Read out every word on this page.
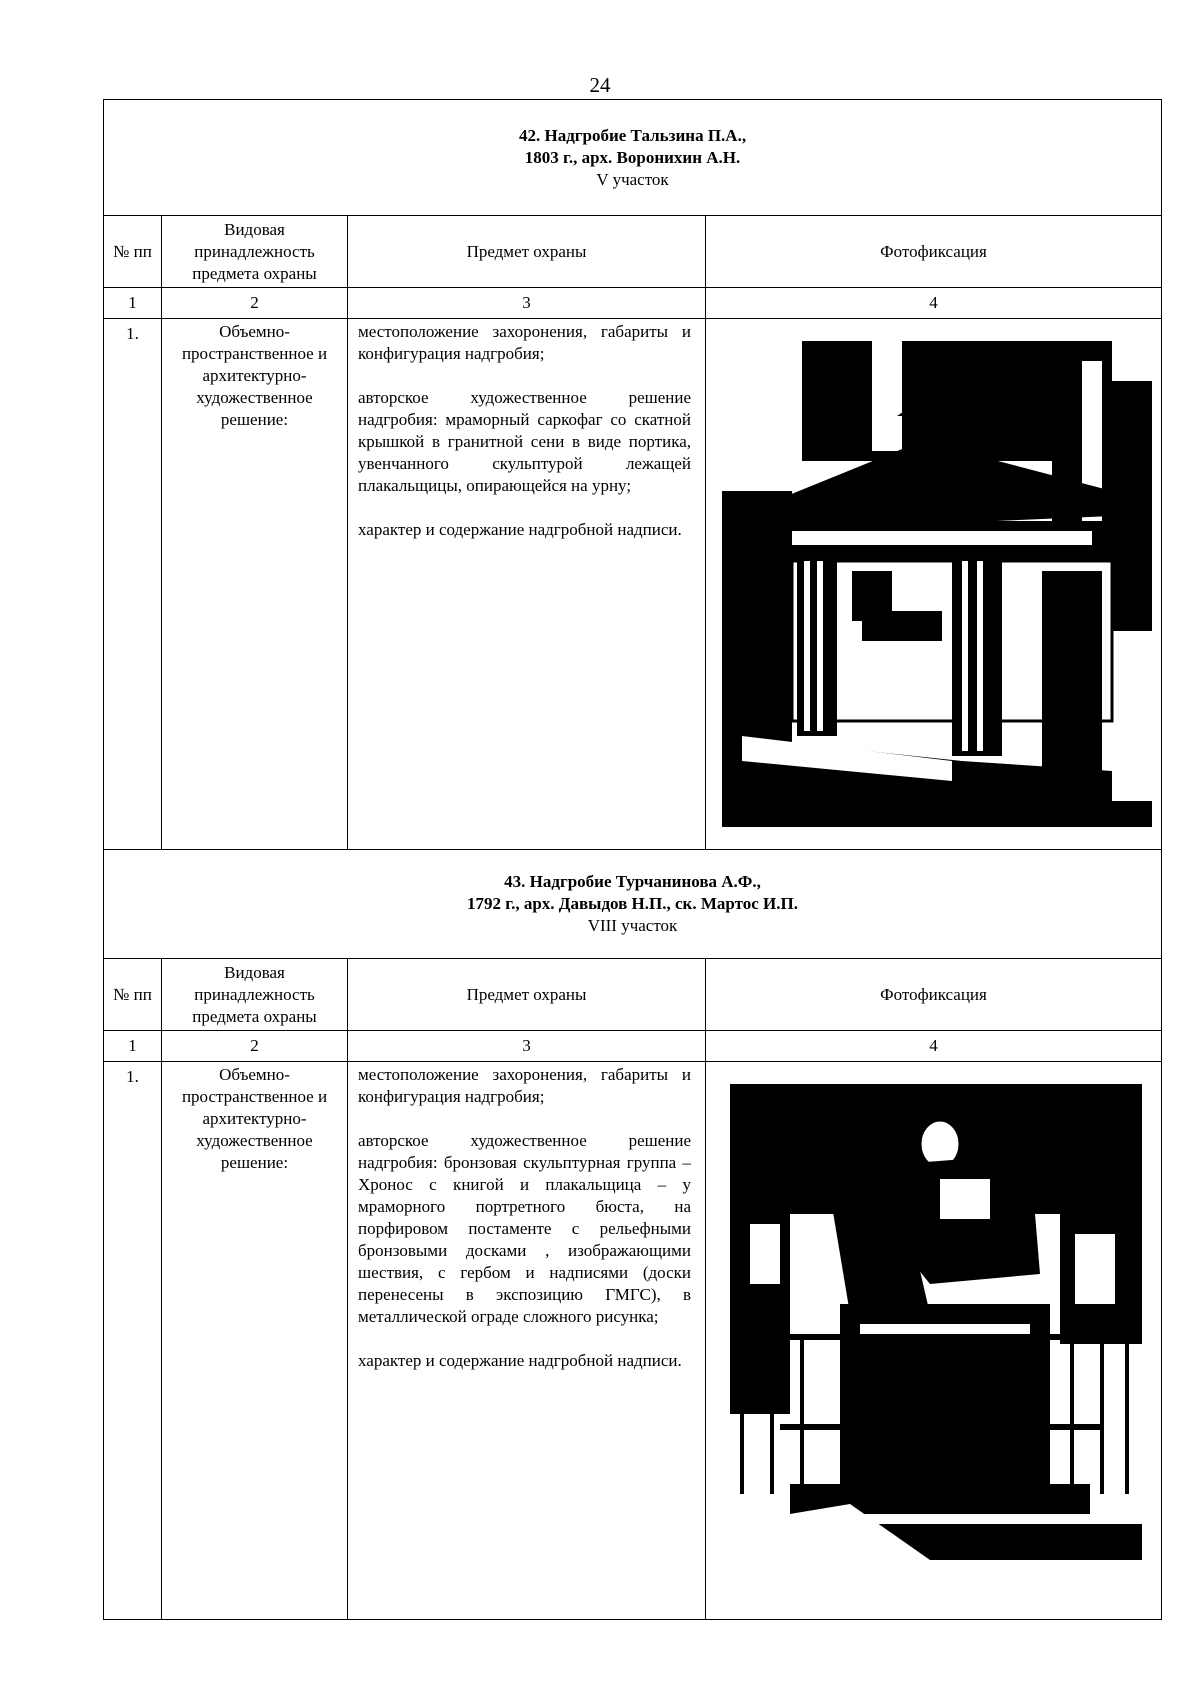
24
42. Надгробие Тальзина П.А.,
1803 г., арх. Воронихин А.Н.
V участок			

№ пп	Видовая принадлежность предмета охраны	Предмет охраны	Фотофиксация
1	2	3	4
1.	Объемно-пространственное и архитектурно-художественное решение:	местоположение захоронения, габариты и конфигурация надгробия;

авторское художественное решение надгробия: мраморный саркофаг со скатной крышкой в гранитной сени в виде портика, увенчанного скульптурой лежащей плакальщицы, опирающейся на урну;

характер и содержание надгробной надписи.

43. Надгробие Турчанинова А.Ф.,
1792 г., арх. Давыдов Н.П., ск. Мартос И.П.
VIII участок			

№ пп	Видовая принадлежность предмета охраны	Предмет охраны	Фотофиксация
1	2	3	4
1.	Объемно-пространственное и архитектурно-художественное решение:	местоположение захоронения, габариты и конфигурация надгробия;

авторское художественное решение надгробия: бронзовая скульптурная группа –Хронос с книгой и плакальщица – у мраморного портретного бюста, на порфировом постаменте с рельефными бронзовыми досками , изображающими шествия, с гербом и надписями (доски перенесены в экспозицию ГМГС), в металлической ограде сложного рисунка;

характер и содержание надгробной надписи.
